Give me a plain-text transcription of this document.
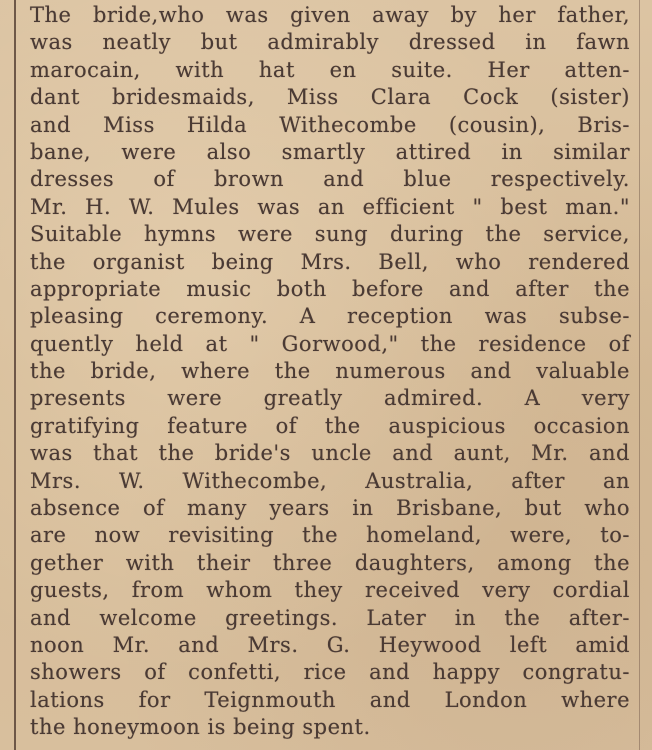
The bride,who was given away by her father,
was neatly but admirably dressed in fawn
marocain, with hat en suite. Her atten-
dant bridesmaids, Miss Clara Cock (sister)
and Miss Hilda Withecombe (cousin), Bris-
bane, were also smartly attired in similar
dresses of brown and blue respectively.
Mr. H. W. Mules was an efficient " best man."
Suitable hymns were sung during the service,
the organist being Mrs. Bell, who rendered
appropriate music both before and after the
pleasing ceremony. A reception was subse-
quently held at " Gorwood," the residence of
the bride, where the numerous and valuable
presents were greatly admired. A very
gratifying feature of the auspicious occasion
was that the bride's uncle and aunt, Mr. and
Mrs. W. Withecombe, Australia, after an
absence of many years in Brisbane, but who
are now revisiting the homeland, were, to-
gether with their three daughters, among the
guests, from whom they received very cordial
and welcome greetings. Later in the after-
noon Mr. and Mrs. G. Heywood left amid
showers of confetti, rice and happy congratu-
lations for Teignmouth and London where
the honeymoon is being spent.
